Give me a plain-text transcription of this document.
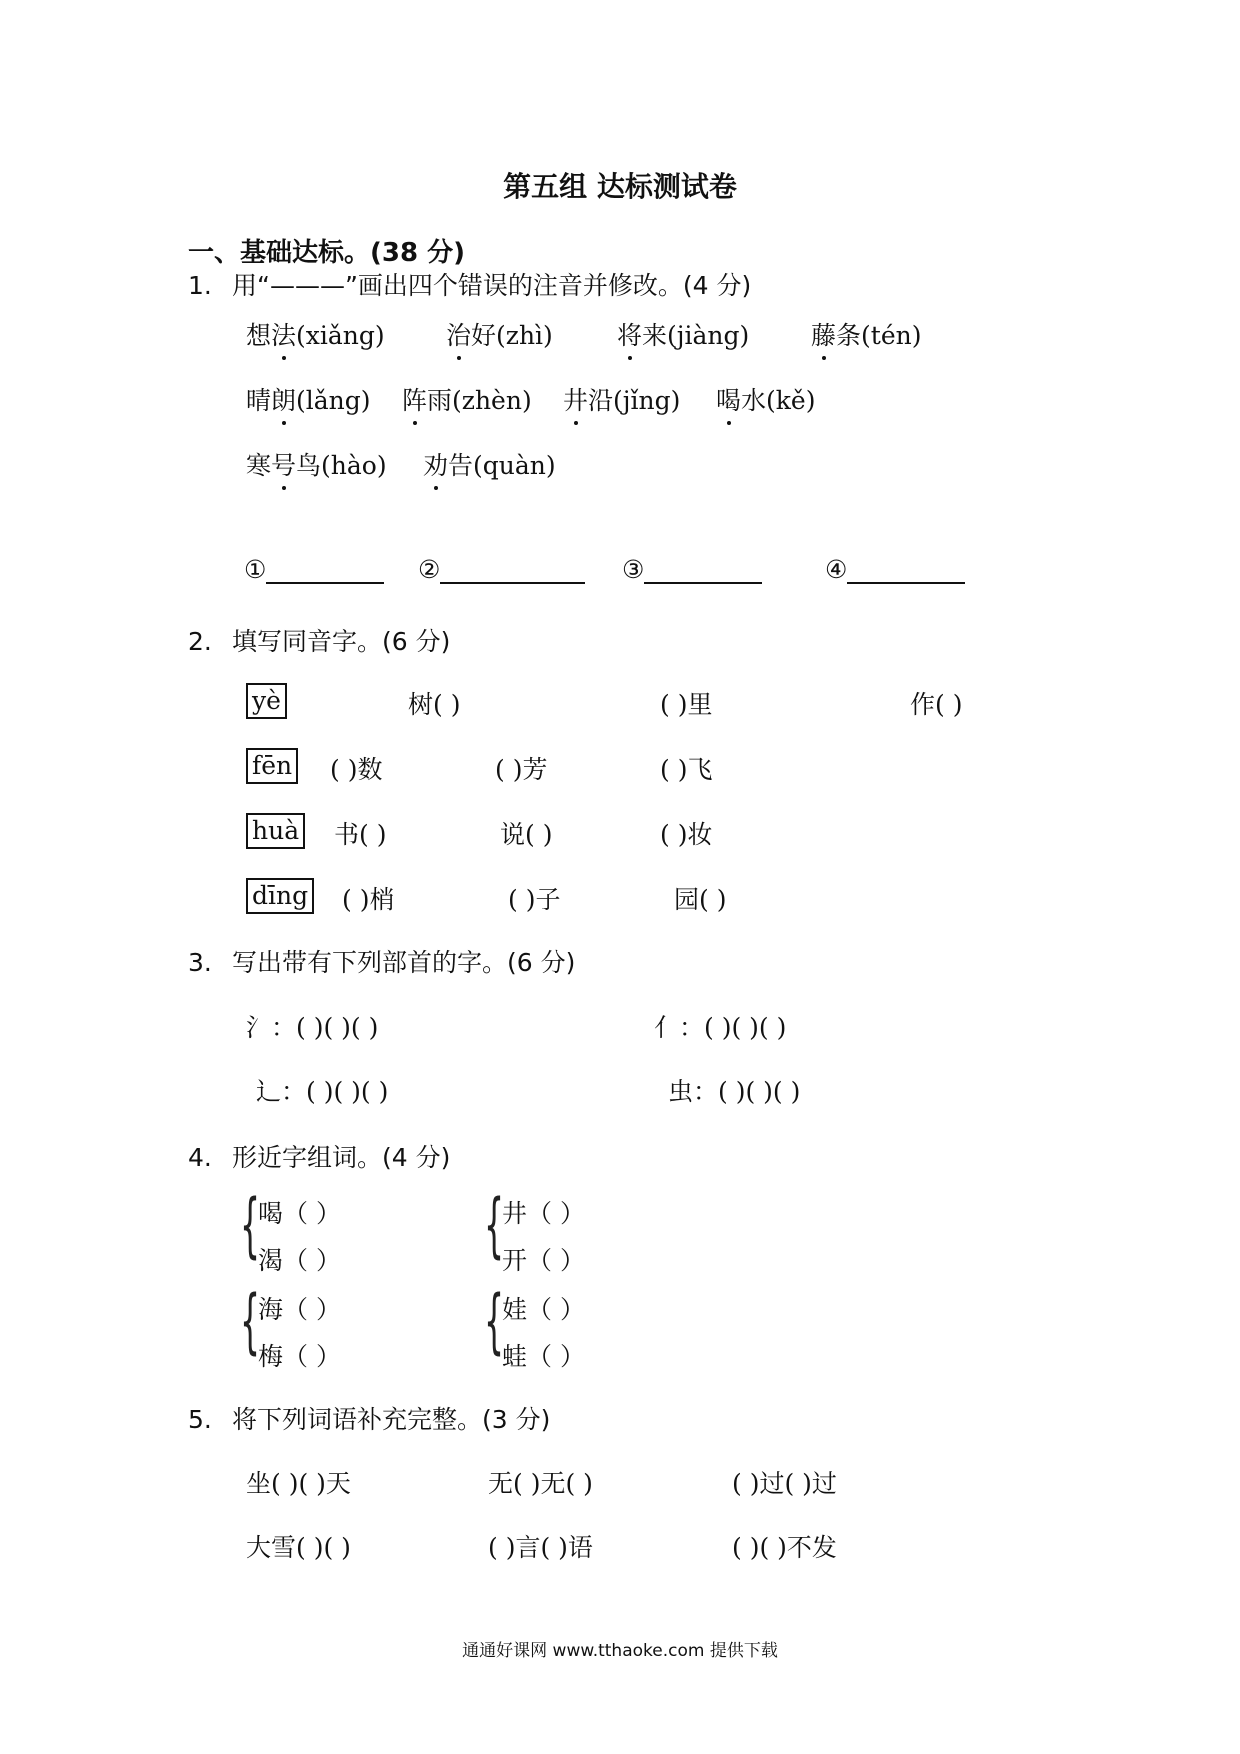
第五组 达标测试卷
一、基础达标。(38 分)
1. 用“———”画出四个错误的注音并修改。(4 分)
想法(xiǎng) 治好(zhì)	将来(jiàng) 藤条(tén)
晴朗(lǎng) 阵雨(zhèn) 井沿(jǐng) 喝水(kě)
寒号鸟(hào) 劝告(quàn)
①	②	③	④
2. 填写同音字。(6 分)
yè	树( )	( )里	作( )
fēn ( )数	( )芳	( )飞
huà 书( )	说( )	( )妆
dīng ( )梢	( )子	园( )
3. 写出带有下列部首的字。(6 分)
氵：( )( )( )	亻：( )( )( )
辶：( )( )( )	虫：( )( )( )
4. 形近字组词。(4 分)
{
喝（ ）
渴（ ） {
井（ ）
开（ ）
{
海（ ）
梅（ ） {
娃（ ）
蛙（ ）
5. 将下列词语补充完整。(3 分)
坐( )( )天	无( )无( )	( )过( )过
大雪( )( )	( )言( )语	( )( )不发
通通好课网 www.tthaoke.com 提供下载
